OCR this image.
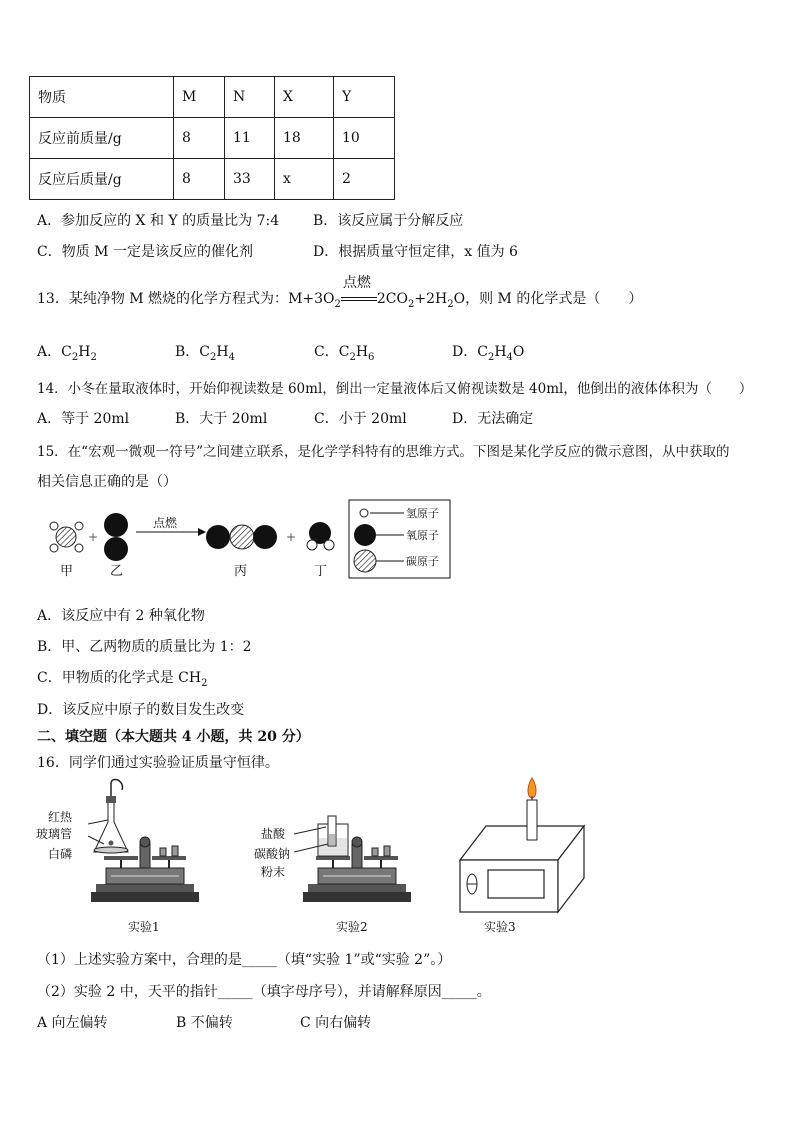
物质	M	N	X	Y
反应前质量/g	8	11	18	10
反应后质量/g	8	33	x	2
A．参加反应的 X 和 Y 的质量比为 7:4 B．该反应属于分解反应
C．物质 M 一定是该反应的催化剂	D．根据质量守恒定律，x 值为 6
13．某纯净物 M 燃烧的化学方程式为：$M+3O_2$
点燃
$2CO_2+2H_2O$，则 M 的化学式是（　　）
A．$C_2H_2$	B．$C_2H_4$	C．$C_2H_6$	D．$C_2H_4O$
14．小冬在量取液体时，开始仰视读数是 60ml，倒出一定量液体后又俯视读数是 40ml，他倒出的液体体积为（　　）
A．等于 20ml	B．大于 20ml	C．小于 20ml	D．无法确定
15．在“宏观一微观一符号”之间建立联系，是化学学科特有的思维方式。下图是某化学反应的微示意图，从中获取的
相关信息正确的是（）
+
点燃
+
甲	乙	丙	丁
氢原子
氧原子
碳原子
A．该反应中有 2 种氧化物
B．甲、乙两物质的质量比为 1：2
C．甲物质的化学式是 $CH_2$
D．该反应中原子的数目发生改变
二、填空题（本大题共 4 小题，共 20 分）
16．同学们通过实验验证质量守恒律。
红热
玻璃管
白磷
实验1
盐酸
碳酸钠
粉末
实验2	实验3
（1）上述实验方案中，合理的是_____（填“实验 1”或“实验 2”。）
（2）实验 2 中，天平的指针_____（填字母序号），并请解释原因_____。
A 向左偏转	B 不偏转	C 向右偏转
